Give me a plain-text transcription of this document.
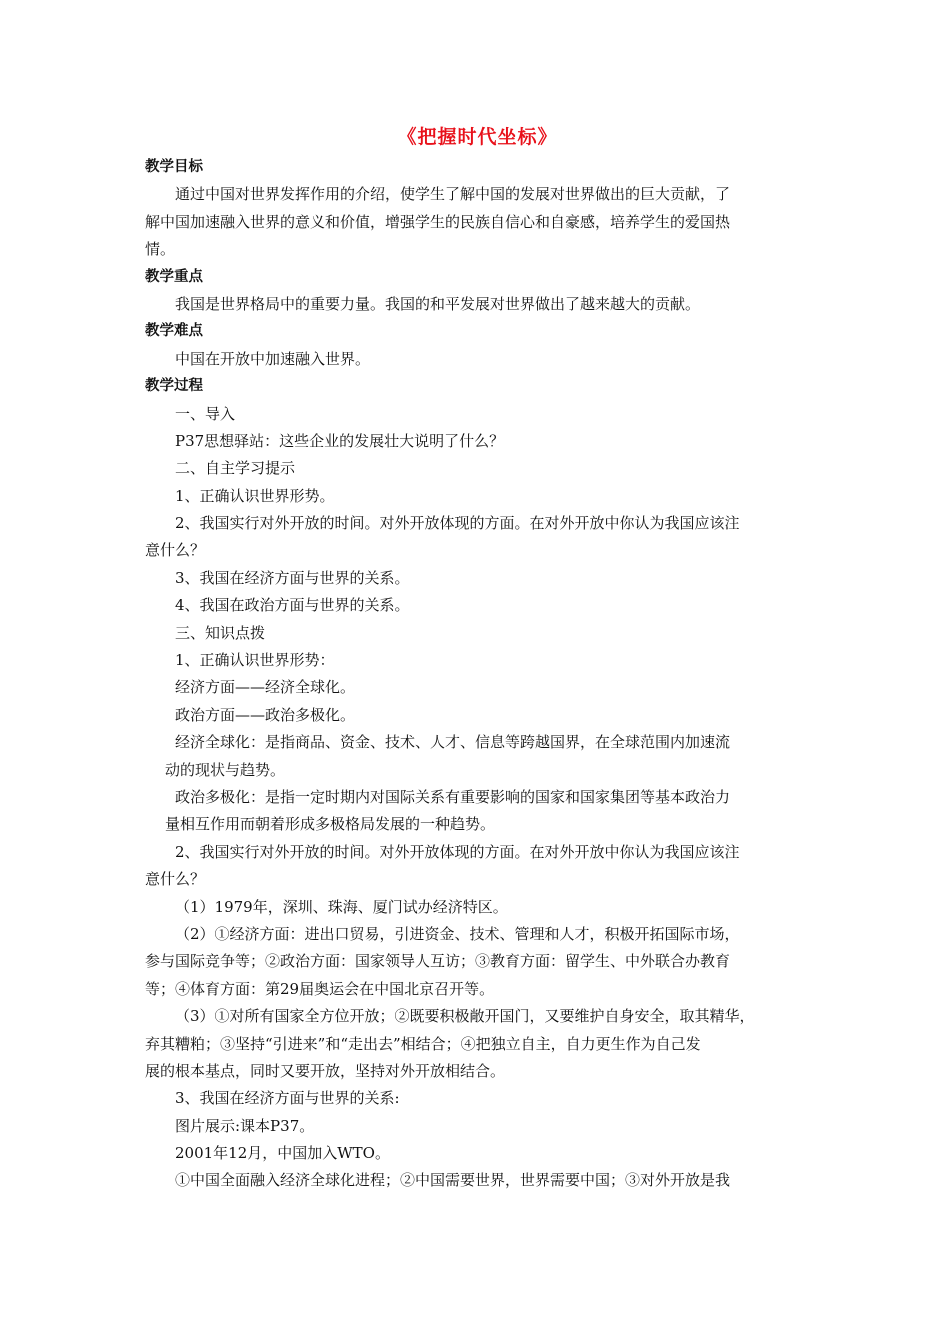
《把握时代坐标》
教学目标
通过中国对世界发挥作用的介绍，使学生了解中国的发展对世界做出的巨大贡献，了
解中国加速融入世界的意义和价值，增强学生的民族自信心和自豪感，培养学生的爱国热
情。
教学重点
我国是世界格局中的重要力量。我国的和平发展对世界做出了越来越大的贡献。
教学难点
中国在开放中加速融入世界。
教学过程
一、导入
P37思想驿站：这些企业的发展壮大说明了什么？
二、自主学习提示
1、正确认识世界形势。
2、我国实行对外开放的时间。对外开放体现的方面。在对外开放中你认为我国应该注
意什么？
3、我国在经济方面与世界的关系。
4、我国在政治方面与世界的关系。
三、知识点拨
1、正确认识世界形势：
经济方面——经济全球化。
政治方面——政治多极化。
经济全球化：是指商品、资金、技术、人才、信息等跨越国界，在全球范围内加速流
动的现状与趋势。
政治多极化：是指一定时期内对国际关系有重要影响的国家和国家集团等基本政治力
量相互作用而朝着形成多极格局发展的一种趋势。
2、我国实行对外开放的时间。对外开放体现的方面。在对外开放中你认为我国应该注
意什么？
（1）1979年，深圳、珠海、厦门试办经济特区。
（2）①经济方面：进出口贸易，引进资金、技术、管理和人才，积极开拓国际市场，
参与国际竞争等；②政治方面：国家领导人互访；③教育方面：留学生、中外联合办教育
等；④体育方面：第29届奥运会在中国北京召开等。
（3）①对所有国家全方位开放；②既要积极敞开国门，又要维护自身安全，取其精华，
弃其糟粕；③坚持“引进来”和“走出去”相结合；④把独立自主，自力更生作为自己发
展的根本基点，同时又要开放，坚持对外开放相结合。
3、我国在经济方面与世界的关系:
图片展示:课本P37。
2001年12月，中国加入WTO。
①中国全面融入经济全球化进程；②中国需要世界，世界需要中国；③对外开放是我
